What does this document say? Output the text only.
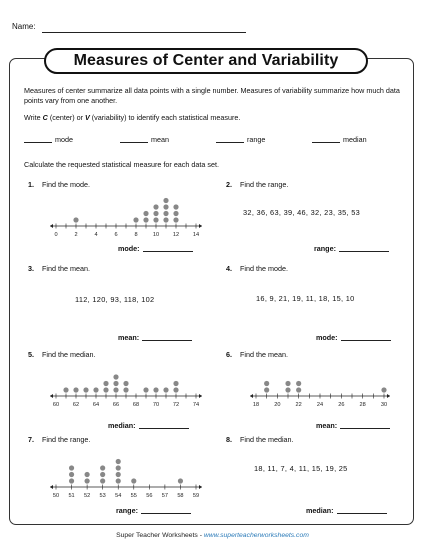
Name:
Measures of Center and Variability
Measures of center summarize all data points with a single number. Measures of variability summarize how much data points vary from one another.
Write C (center) or V (variability) to identify each statistical measure.
mode	mean	range	median
Calculate the requested statistical measure for each data set.
1. Find the mode.
0	2	4	6	8	10 12 14
mode:
2. Find the range.
32, 36, 63, 39, 46, 32, 23, 35, 53
range:
3. Find the mean.
112, 120, 93, 118, 102
mean:
4. Find the mode.
16, 9, 21, 19, 11, 18, 15, 10
mode:
5. Find the median.
60 62 64 66 68 70 72 74
median:
6. Find the mean.
18	20	22	24	26	28	30
mean:
7. Find the range.
50 51 52 53 54 55 56 57 58 59
range:
8. Find the median.
18, 11, 7, 4, 11, 15, 19, 25
median:
Super Teacher Worksheets - www.superteacherworksheets.com
